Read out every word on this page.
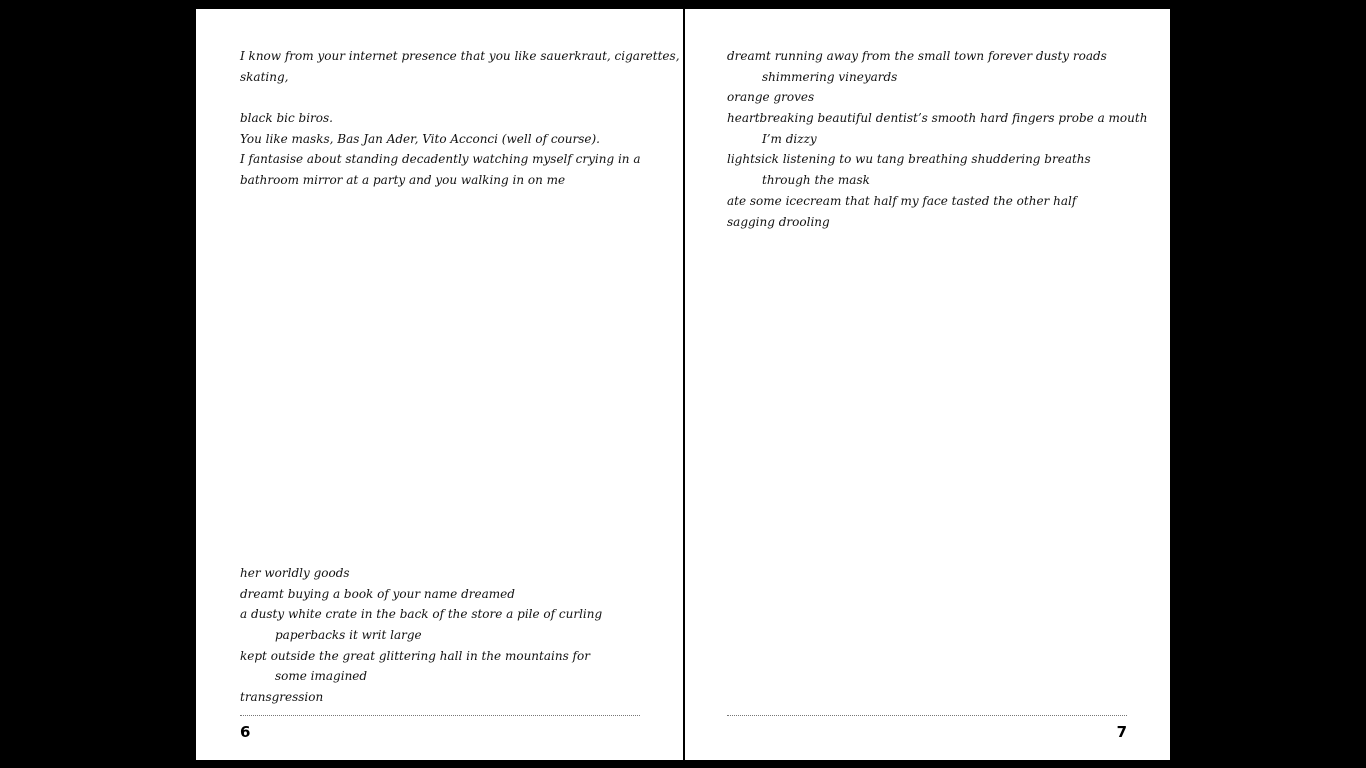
I know from your internet presence that you like sauerkraut, cigarettes,
skating,
black bic biros.
You like masks, Bas Jan Ader, Vito Acconci (well of course).
I fantasise about standing decadently watching myself crying in a
bathroom mirror at a party and you walking in on me
her worldly goods
dreamt buying a book of your name dreamed
a dusty white crate in the back of the store a pile of curling
paperbacks it writ large
kept outside the great glittering hall in the mountains for
some imagined
transgression
6
dreamt running away from the small town forever dusty roads
shimmering vineyards
orange groves
heartbreaking beautiful dentist’s smooth hard fingers probe a mouth
I’m dizzy
lightsick listening to wu tang breathing shuddering breaths
through the mask
ate some icecream that half my face tasted the other half
sagging drooling
7
